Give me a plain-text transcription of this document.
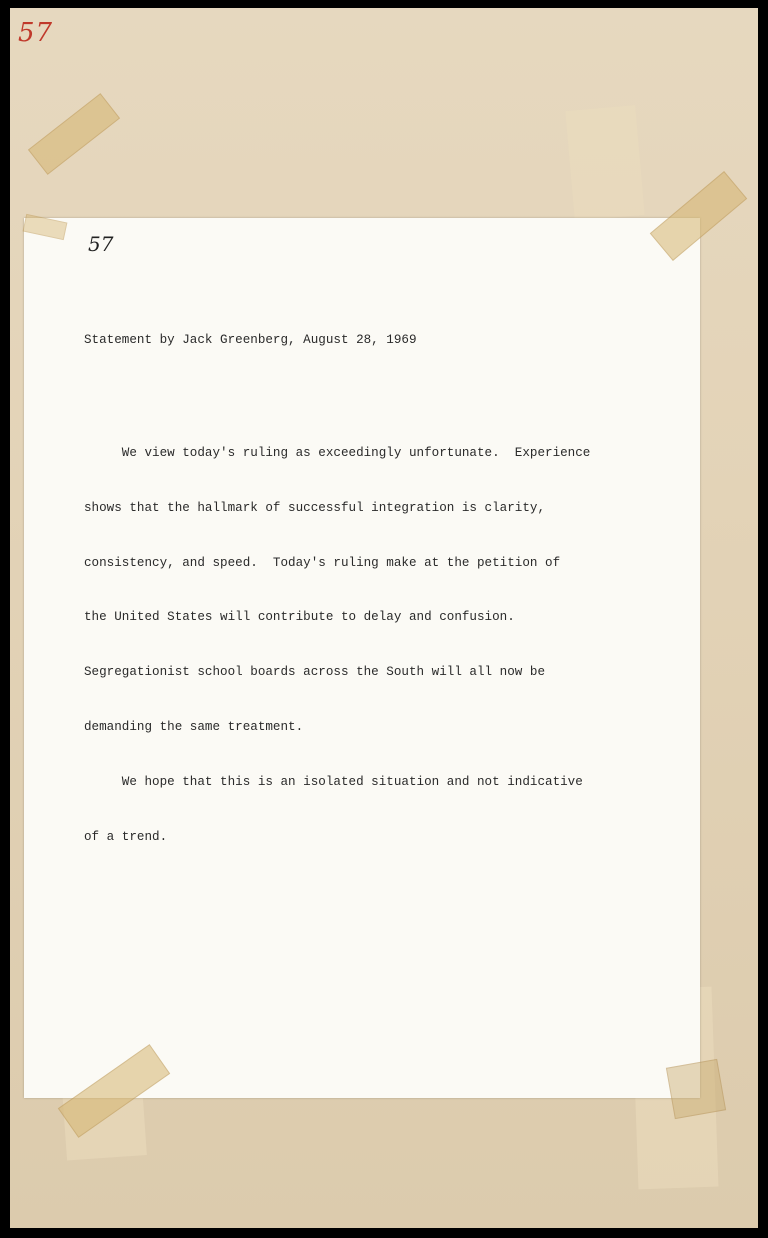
57
57
Statement by Jack Greenberg, August 28, 1969

We view today's ruling as exceedingly unfortunate.  Experience

shows that the hallmark of successful integration is clarity,

consistency, and speed.  Today's ruling make at the petition of

the United States will contribute to delay and confusion.

Segregationist school boards across the South will all now be

demanding the same treatment.

We hope that this is an isolated situation and not indicative

of a trend.
